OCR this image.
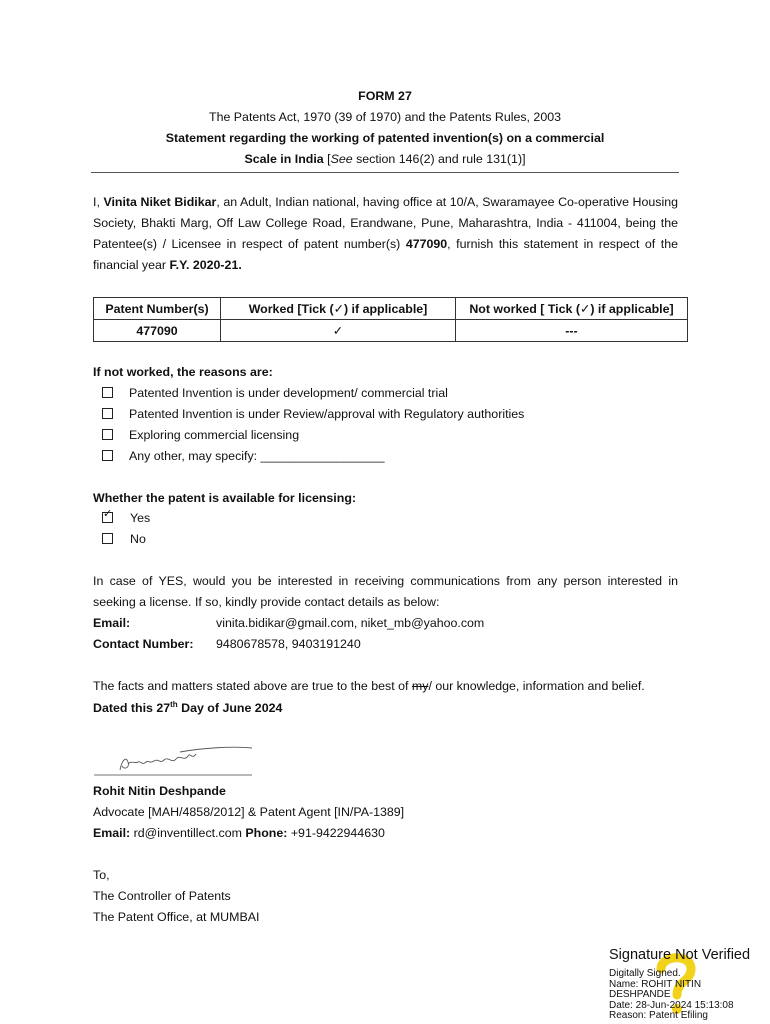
FORM 27
The Patents Act, 1970 (39 of 1970) and the Patents Rules, 2003
Statement regarding the working of patented invention(s) on a commercial
Scale in India [See section 146(2) and rule 131(1)]
I, Vinita Niket Bidikar, an Adult, Indian national, having office at 10/A, Swaramayee Co-operative Housing Society, Bhakti Marg, Off Law College Road, Erandwane, Pune, Maharashtra, India - 411004, being the Patentee(s) / Licensee in respect of patent number(s) 477090, furnish this statement in respect of the financial year F.Y. 2020-21.
Patent Number(s)	Worked [Tick (✓) if applicable]	Not worked [ Tick (✓) if applicable]
477090	✓	---
If not worked, the reasons are:
Patented Invention is under development/ commercial trial
Patented Invention is under Review/approval with Regulatory authorities
Exploring commercial licensing
Any other, may specify: __________________
Whether the patent is available for licensing:
✓ Yes
No
In case of YES, would you be interested in receiving communications from any person interested in seeking a license. If so, kindly provide contact details as below:
Email:	vinita.bidikar@gmail.com, niket_mb@yahoo.com
Contact Number: 9480678578, 9403191240
The facts and matters stated above are true to the best of my/ our knowledge, information and belief.
Dated this 27th Day of June 2024
Rohit Nitin Deshpande
Advocate [MAH/4858/2012] & Patent Agent [IN/PA-1389]
Email: rd@inventillect.com Phone: +91-9422944630
To,
The Controller of Patents
The Patent Office, at MUMBAI
Signature Not Verified
Digitally Signed.
Name: ROHIT NITIN
DESHPANDE
Date: 28-Jun-2024 15:13:08
Reason: Patent Efiling
